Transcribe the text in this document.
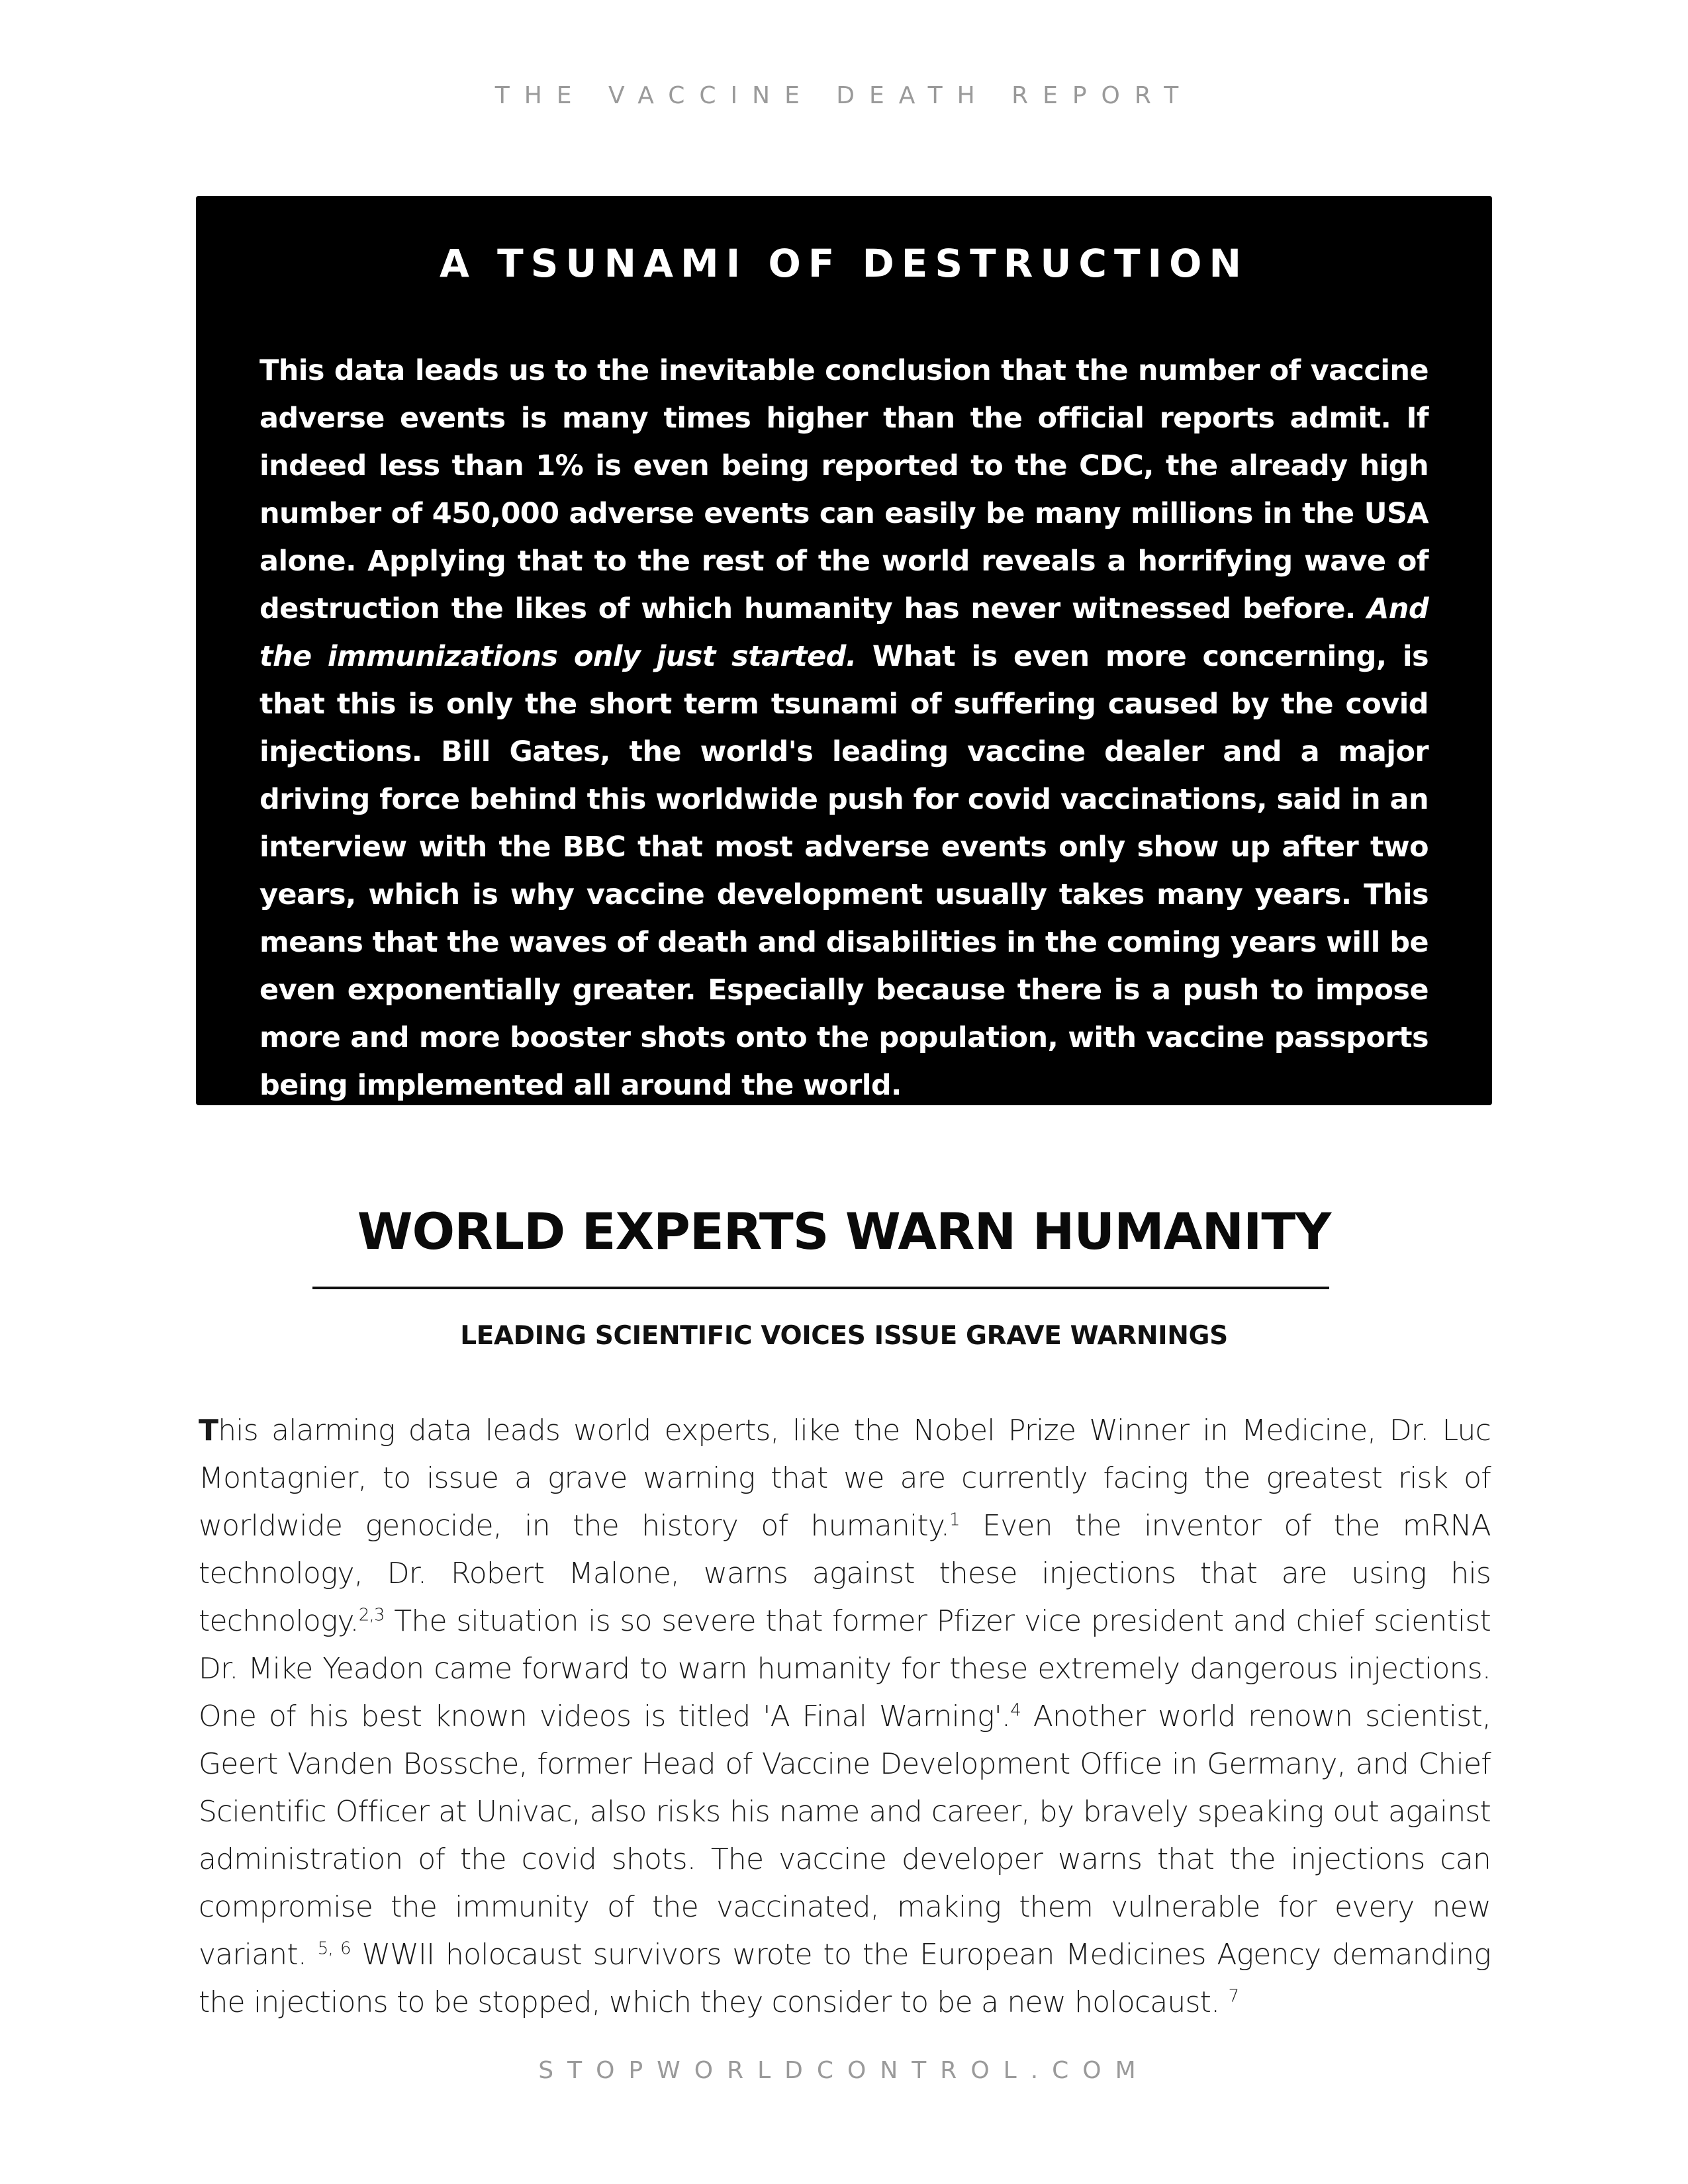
THE VACCINE DEATH REPORT
A TSUNAMI OF DESTRUCTION

This data leads us to the inevitable conclusion that the number of vaccine adverse events is many times higher than the official reports admit. If indeed less than 1% is even being reported to the CDC, the already high number of 450,000 adverse events can easily be many millions in the USA alone. Applying that to the rest of the world reveals a horrifying wave of destruction the likes of which humanity has never witnessed before. And the immunizations only just started. What is even more concerning, is that this is only the short term tsunami of suffering caused by the covid injections. Bill Gates, the world's leading vaccine dealer and a major driving force behind this worldwide push for covid vaccinations, said in an interview with the BBC that most adverse events only show up after two years, which is why vaccine development usually takes many years. This means that the waves of death and disabilities in the coming years will be even exponentially greater. Especially because there is a push to impose more and more booster shots onto the population, with vaccine passports being implemented all around the world.

WORLD EXPERTS WARN HUMANITY
LEADING SCIENTIFIC VOICES ISSUE GRAVE WARNINGS

This alarming data leads world experts, like the Nobel Prize Winner in Medicine, Dr. Luc Montagnier, to issue a grave warning that we are currently facing the greatest risk of worldwide genocide, in the history of humanity.$^1$ Even the inventor of the mRNA technology, Dr. Robert Malone, warns against these injections that are using his technology.$^{2,3}$ The situation is so severe that former Pfizer vice president and chief scientist Dr. Mike Yeadon came forward to warn humanity for these extremely dangerous injections. One of his best known videos is titled 'A Final Warning'.$^4$ Another world renown scientist, Geert Vanden Bossche, former Head of Vaccine Development Office in Germany, and Chief Scientific Officer at Univac, also risks his name and career, by bravely speaking out against administration of the covid shots. The vaccine developer warns that the injections can compromise the immunity of the vaccinated, making them vulnerable for every new variant. $^{5, 6}$ WWII holocaust survivors wrote to the European Medicines Agency demanding the injections to be stopped, which they consider to be a new holocaust. $^7$

STOPWORLDCONTROL.COM
